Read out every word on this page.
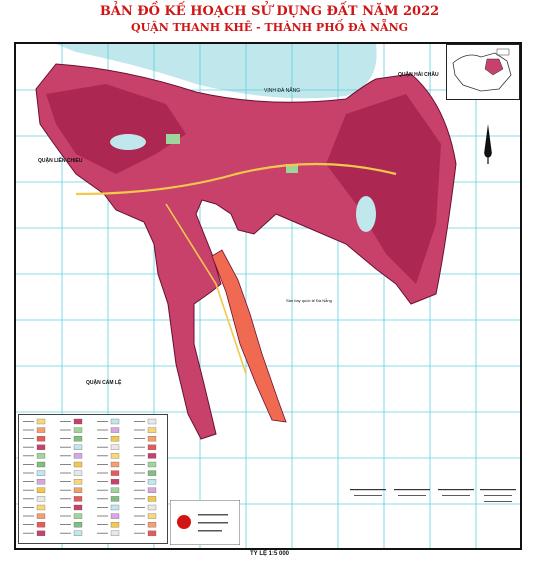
BẢN ĐỒ KẾ HOẠCH SỬ DỤNG ĐẤT NĂM 2022
QUẬN THANH KHÊ - THÀNH PHỐ ĐÀ NẴNG
VỊNH ĐÀ NẴNG
QUẬN LIÊN CHIỂU
QUẬN HẢI CHÂU
QUẬN CẨM LỆ
Sân bay quốc tế Đà Nẵng
TỶ LỆ 1:5 000
